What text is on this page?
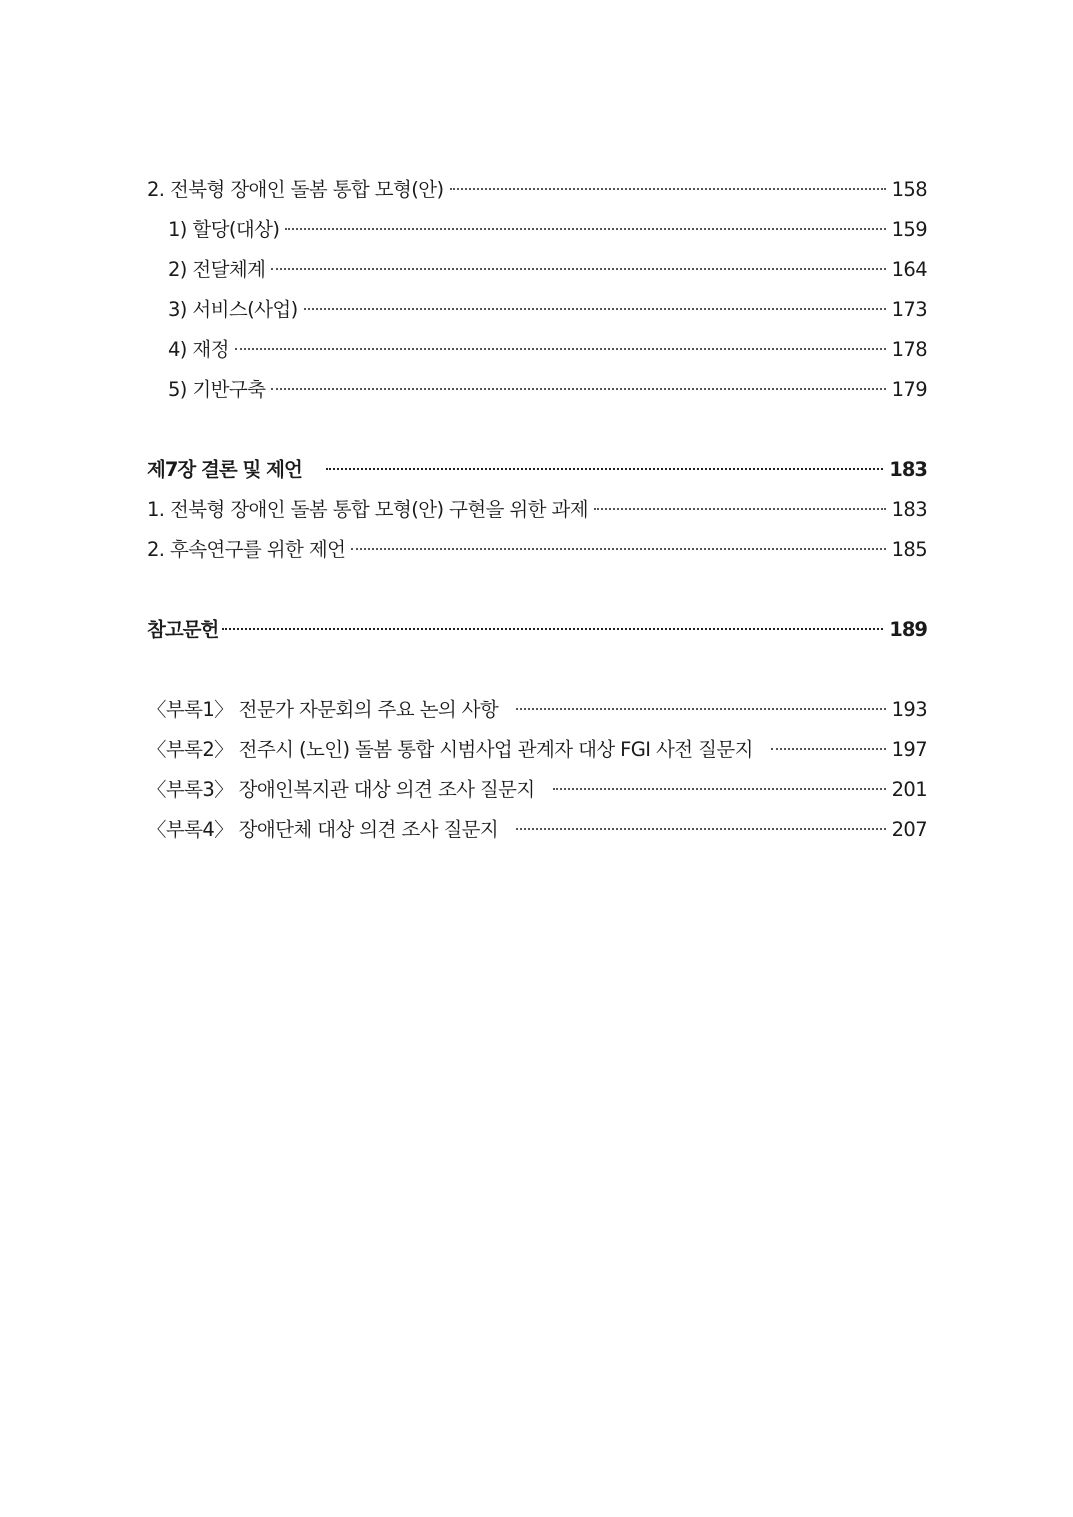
2. 전북형 장애인 돌봄 통합 모형(안)	158
1) 할당(대상)	159
2) 전달체계	164
3) 서비스(사업)	173
4) 재정	178
5) 기반구축	179
제7장 결론 및 제언	183
1. 전북형 장애인 돌봄 통합 모형(안) 구현을 위한 과제	183
2. 후속연구를 위한 제언	185
참고문헌	189
〈부록1〉 전문가 자문회의 주요 논의 사항	193
〈부록2〉 전주시 (노인) 돌봄 통합 시범사업 관계자 대상 FGI 사전 질문지	197
〈부록3〉 장애인복지관 대상 의견 조사 질문지	201
〈부록4〉 장애단체 대상 의견 조사 질문지	207
